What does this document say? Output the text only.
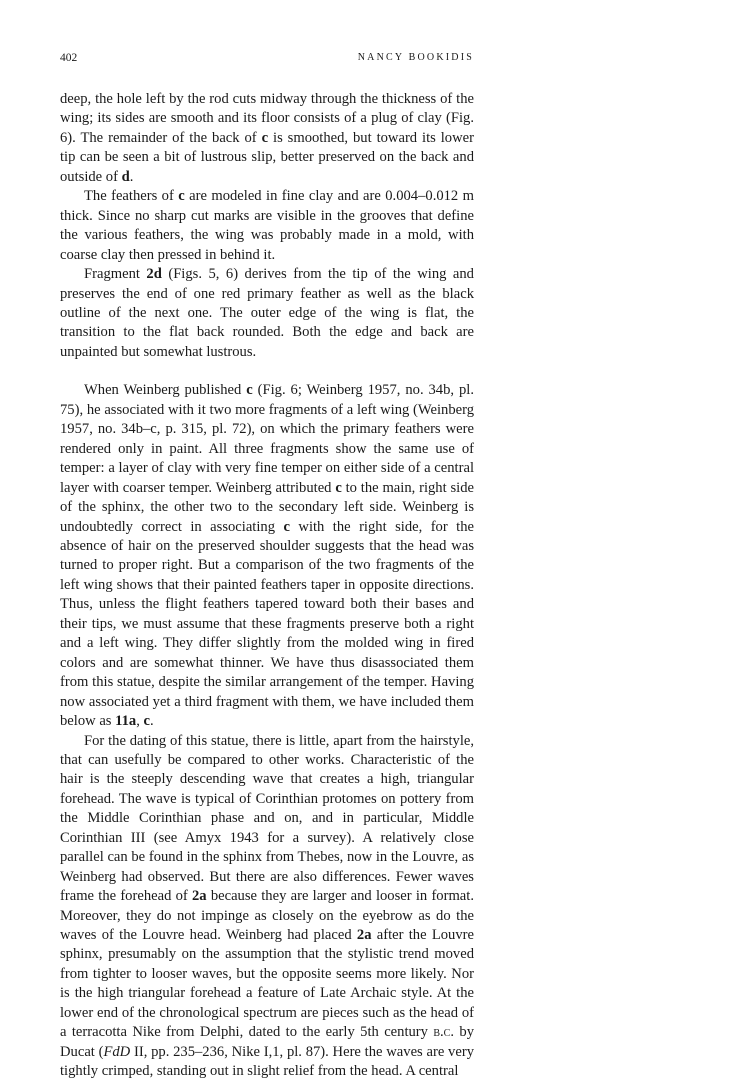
402	NANCY BOOKIDIS

deep, the hole left by the rod cuts midway through the thickness of the wing; its sides are smooth and its floor consists of a plug of clay (Fig. 6). The remainder of the back of c is smoothed, but toward its lower tip can be seen a bit of lustrous slip, better preserved on the back and outside of d.

The feathers of c are modeled in fine clay and are 0.004–0.012 m thick. Since no sharp cut marks are visible in the grooves that define the various feathers, the wing was probably made in a mold, with coarse clay then pressed in behind it.

Fragment 2d (Figs. 5, 6) derives from the tip of the wing and preserves the end of one red primary feather as well as the black outline of the next one. The outer edge of the wing is flat, the transition to the flat back rounded. Both the edge and back are unpainted but somewhat lustrous.

When Weinberg published c (Fig. 6; Weinberg 1957, no. 34b, pl. 75), he associated with it two more fragments of a left wing (Weinberg 1957, no. 34b–c, p. 315, pl. 72), on which the primary feathers were rendered only in paint. All three fragments show the same use of temper: a layer of clay with very fine temper on either side of a central layer with coarser temper. Weinberg attributed c to the main, right side of the sphinx, the other two to the secondary left side. Weinberg is undoubtedly correct in associating c with the right side, for the absence of hair on the preserved shoulder suggests that the head was turned to proper right. But a comparison of the two fragments of the left wing shows that their painted feathers taper in opposite directions. Thus, unless the flight feathers tapered toward both their bases and their tips, we must assume that these fragments preserve both a right and a left wing. They differ slightly from the molded wing in fired colors and are somewhat thinner. We have thus disassociated them from this statue, despite the similar arrangement of the temper. Having now associated yet a third fragment with them, we have included them below as 11a, c.

For the dating of this statue, there is little, apart from the hairstyle, that can usefully be compared to other works. Characteristic of the hair is the steeply descending wave that creates a high, triangular forehead. The wave is typical of Corinthian protomes on pottery from the Middle Corinthian phase and on, and in particular, Middle Corinthian III (see Amyx 1943 for a survey). A relatively close parallel can be found in the sphinx from Thebes, now in the Louvre, as Weinberg had observed. But there are also differences. Fewer waves frame the forehead of 2a because they are larger and looser in format. Moreover, they do not impinge as closely on the eyebrow as do the waves of the Louvre head. Weinberg had placed 2a after the Louvre sphinx, presumably on the assumption that the stylistic trend moved from tighter to looser waves, but the opposite seems more likely. Nor is the high triangular forehead a feature of Late Archaic style. At the lower end of the chronological spectrum are pieces such as the head of a terracotta Nike from Delphi, dated to the early 5th century b.c. by Ducat (FdD II, pp. 235–236, Nike I,1, pl. 87). Here the waves are very tightly crimped, standing out in slight relief from the head. A central
